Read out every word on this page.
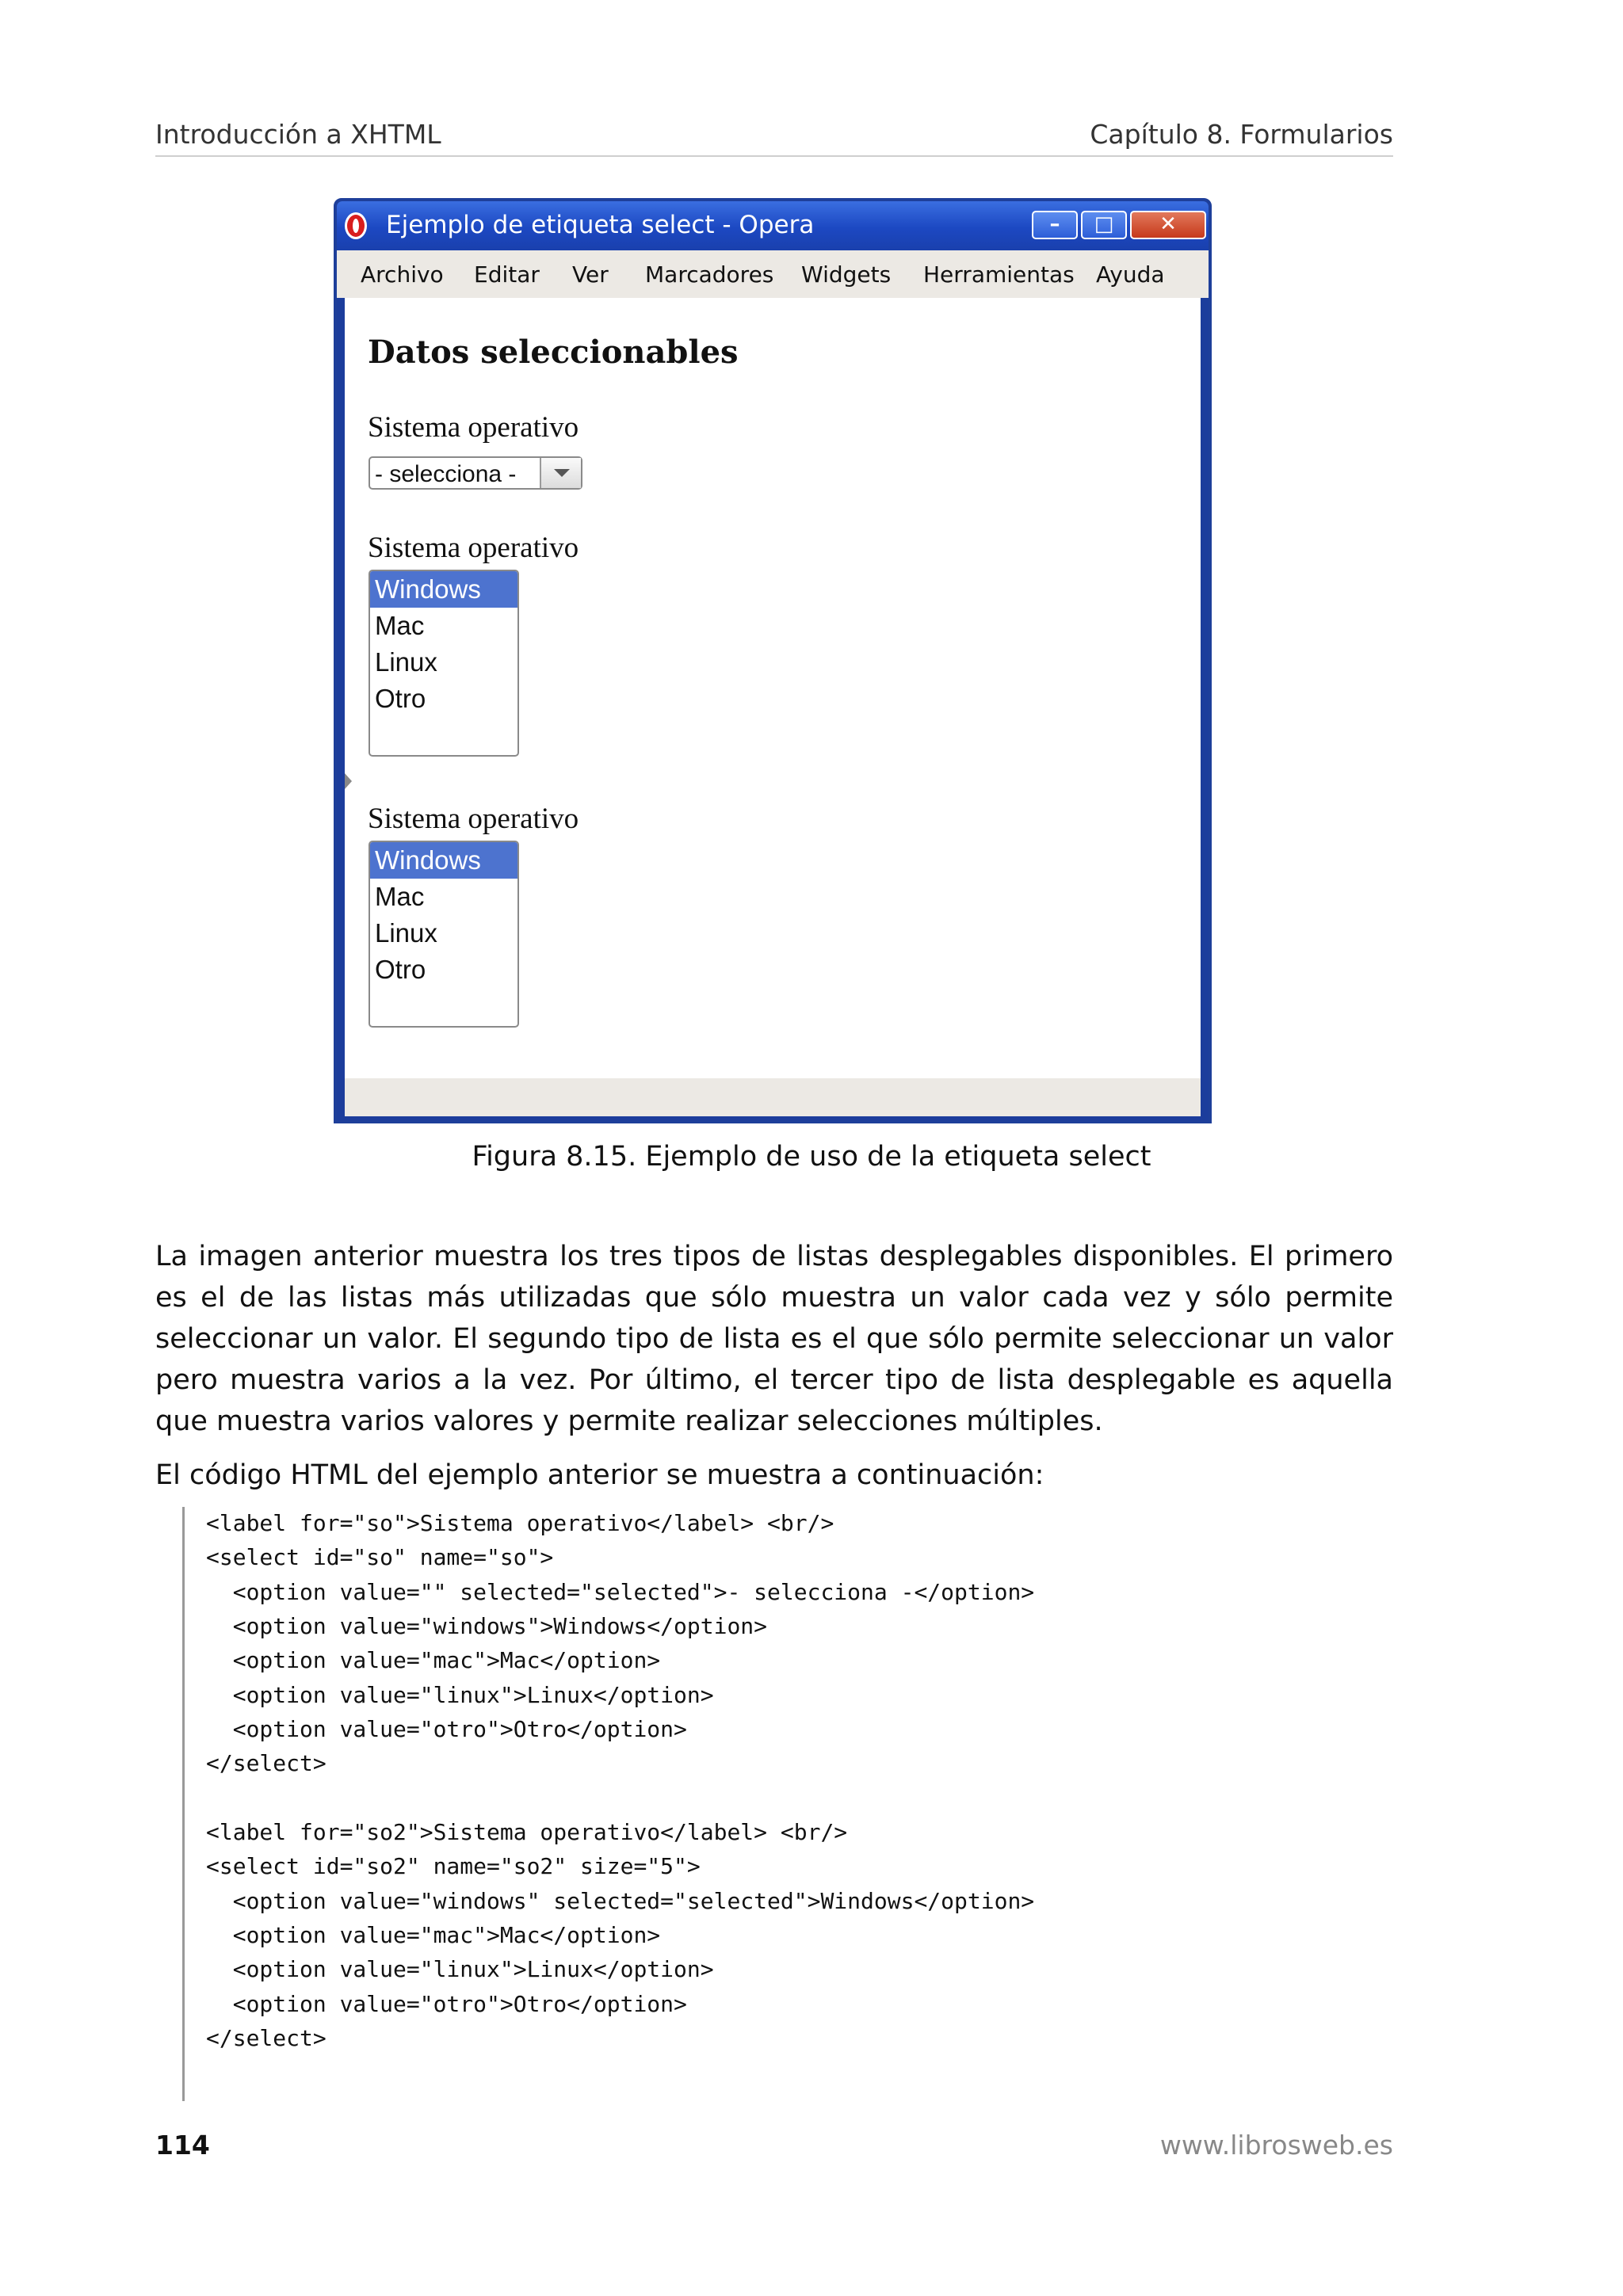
Introducción a XHTML	Capítulo 8. Formularios
Ejemplo de etiqueta select - Opera	–	□	✕
Archivo Editar Ver Marcadores Widgets Herramientas Ayuda
Datos seleccionables
Sistema operativo
- selecciona -
Sistema operativo
Windows
Mac
Linux
Otro
Sistema operativo
Windows
Mac
Linux
Otro
Figura 8.15. Ejemplo de uso de la etiqueta select

La imagen anterior muestra los tres tipos de listas desplegables disponibles. El primero es el de las listas más utilizadas que sólo muestra un valor cada vez y sólo permite seleccionar un valor. El segundo tipo de lista es el que sólo permite seleccionar un valor pero muestra varios a la vez. Por último, el tercer tipo de lista desplegable es aquella que muestra varios valores y permite realizar selecciones múltiples.

El código HTML del ejemplo anterior se muestra a continuación:

<label for="so">Sistema operativo</label> <br/>
<select id="so" name="so">
<option value="" selected="selected">- selecciona -</option>
<option value="windows">Windows</option>
<option value="mac">Mac</option>
<option value="linux">Linux</option>
<option value="otro">Otro</option>
</select>
<label for="so2">Sistema operativo</label> <br/>
<select id="so2" name="so2" size="5">
<option value="windows" selected="selected">Windows</option>
<option value="mac">Mac</option>
<option value="linux">Linux</option>
<option value="otro">Otro</option>
</select>
114	www.librosweb.es
